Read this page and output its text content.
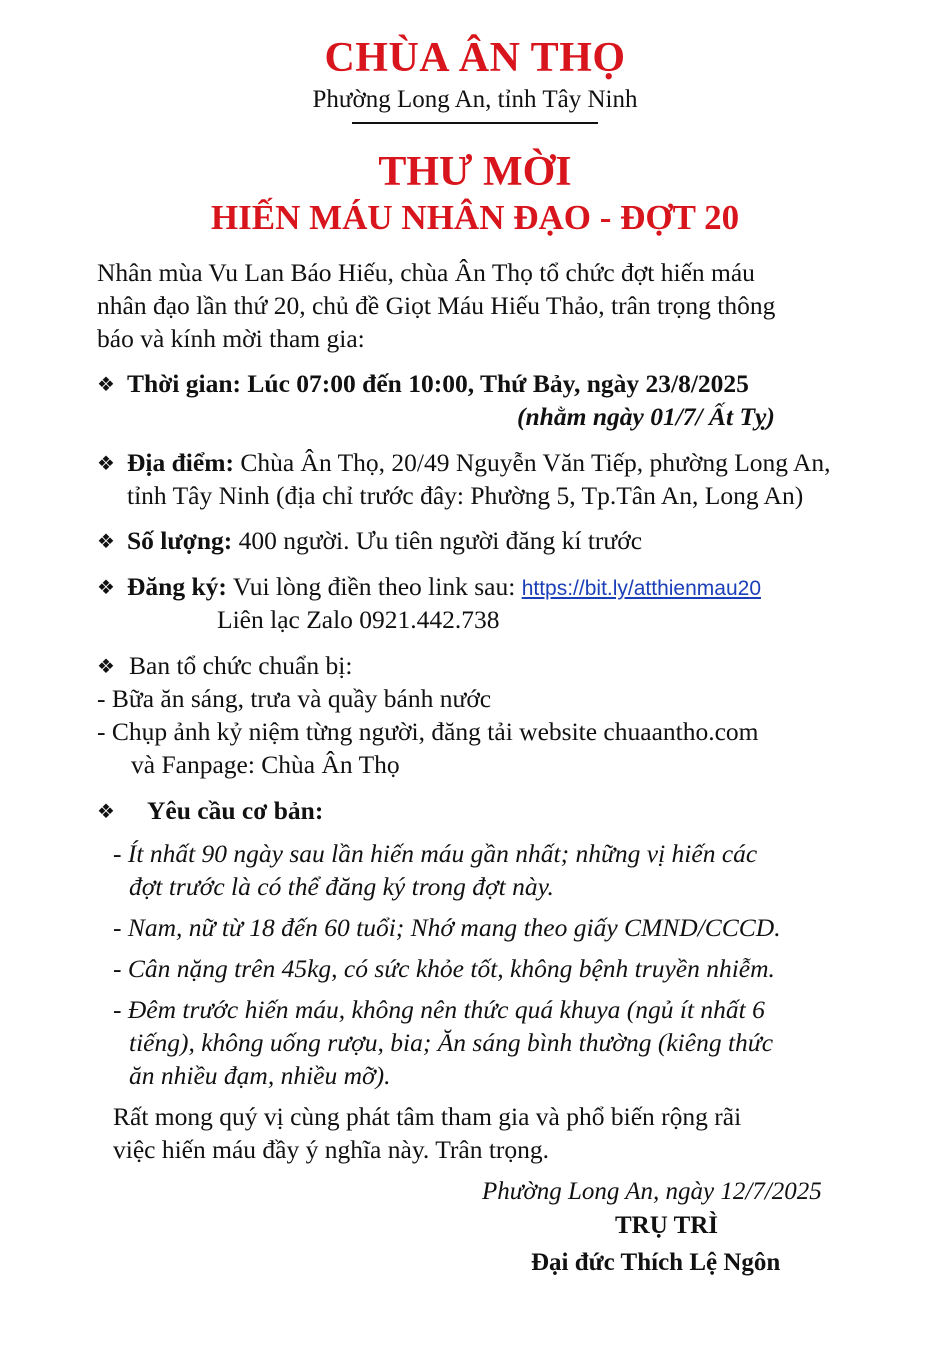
CHÙA ÂN THỌ
Phường Long An, tỉnh Tây Ninh
THƯ MỜI
HIẾN MÁU NHÂN ĐẠO - ĐỢT 20

Nhân mùa Vu Lan Báo Hiếu, chùa Ân Thọ tổ chức đợt hiến máu

nhân đạo lần thứ 20, chủ đề Giọt Máu Hiếu Thảo, trân trọng thông

báo và kính mời tham gia:

❖ Thời gian: Lúc 07:00 đến 10:00, Thứ Bảy, ngày 23/8/2025

(nhằm ngày 01/7/ Ất Tỵ)

❖ Địa điểm: Chùa Ân Thọ, 20/49 Nguyễn Văn Tiếp, phường Long An,

tỉnh Tây Ninh (địa chỉ trước đây: Phường 5, Tp.Tân An, Long An)

❖ Số lượng: 400 người. Ưu tiên người đăng kí trước

❖ Đăng ký: Vui lòng điền theo link sau: https://bit.ly/atthienmau20

Liên lạc Zalo 0921.442.738

❖ Ban tổ chức chuẩn bị:

- Bữa ăn sáng, trưa và quầy bánh nước

- Chụp ảnh kỷ niệm từng người, đăng tải website chuaantho.com

và Fanpage: Chùa Ân Thọ

❖ Yêu cầu cơ bản:

- Ít nhất 90 ngày sau lần hiến máu gần nhất; những vị hiến các

đợt trước là có thể đăng ký trong đợt này.

- Nam, nữ từ 18 đến 60 tuổi; Nhớ mang theo giấy CMND/CCCD.

- Cân nặng trên 45kg, có sức khỏe tốt, không bệnh truyền nhiễm.

- Đêm trước hiến máu, không nên thức quá khuya (ngủ ít nhất 6

tiếng), không uống rượu, bia; Ăn sáng bình thường (kiêng thức

ăn nhiều đạm, nhiều mỡ).

Rất mong quý vị cùng phát tâm tham gia và phổ biến rộng rãi

việc hiến máu đầy ý nghĩa này. Trân trọng.

Phường Long An, ngày 12/7/2025
TRỤ TRÌ
Đại đức Thích Lệ Ngôn
